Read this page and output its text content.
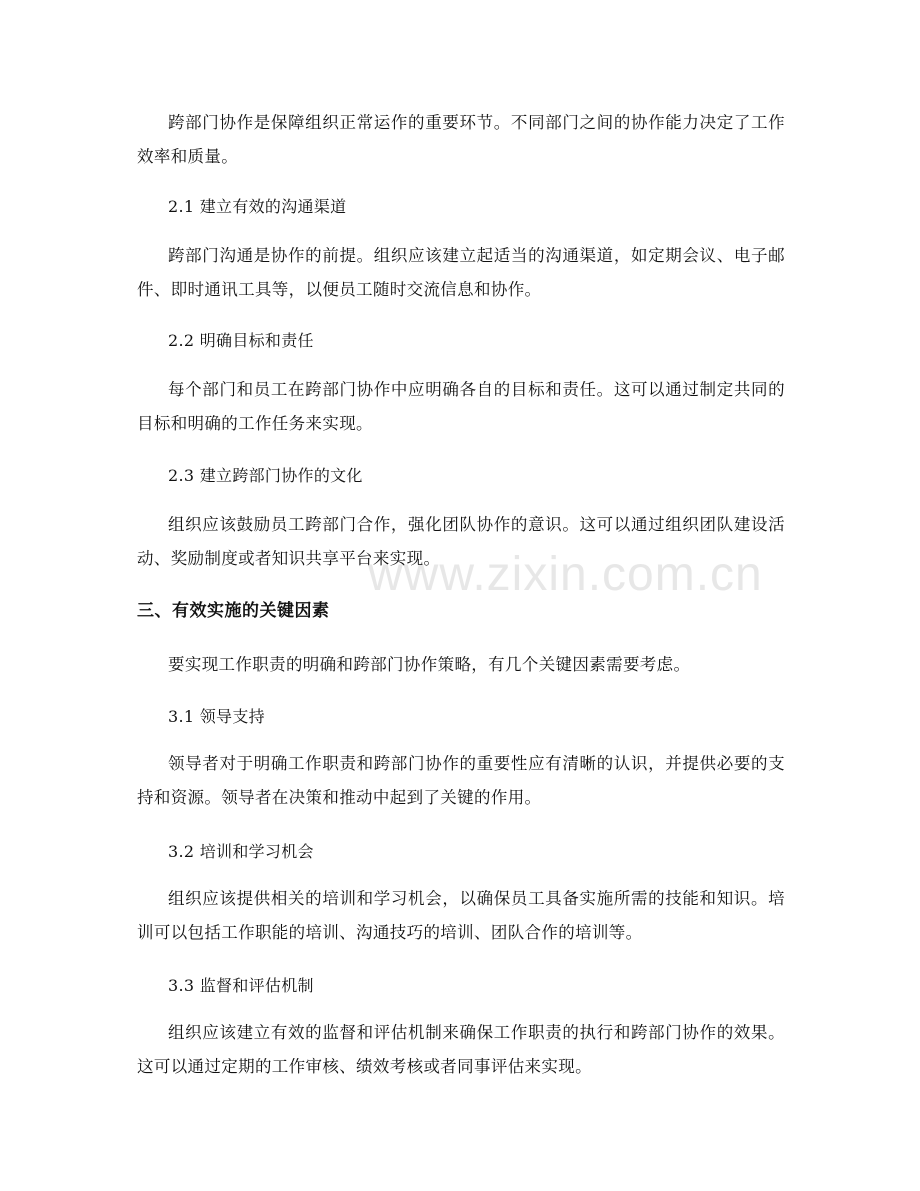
跨部门协作是保障组织正常运作的重要环节。不同部门之间的协作能力决定了工作效率和质量。

2.1 建立有效的沟通渠道

跨部门沟通是协作的前提。组织应该建立起适当的沟通渠道，如定期会议、电子邮件、即时通讯工具等，以便员工随时交流信息和协作。

2.2 明确目标和责任

每个部门和员工在跨部门协作中应明确各自的目标和责任。这可以通过制定共同的目标和明确的工作任务来实现。

2.3 建立跨部门协作的文化

组织应该鼓励员工跨部门合作，强化团队协作的意识。这可以通过组织团队建设活动、奖励制度或者知识共享平台来实现。

三、有效实施的关键因素

要实现工作职责的明确和跨部门协作策略，有几个关键因素需要考虑。

3.1 领导支持

领导者对于明确工作职责和跨部门协作的重要性应有清晰的认识，并提供必要的支持和资源。领导者在决策和推动中起到了关键的作用。

3.2 培训和学习机会

组织应该提供相关的培训和学习机会，以确保员工具备实施所需的技能和知识。培训可以包括工作职能的培训、沟通技巧的培训、团队合作的培训等。

3.3 监督和评估机制

组织应该建立有效的监督和评估机制来确保工作职责的执行和跨部门协作的效果。这可以通过定期的工作审核、绩效考核或者同事评估来实现。

www.zixin.com.cn
